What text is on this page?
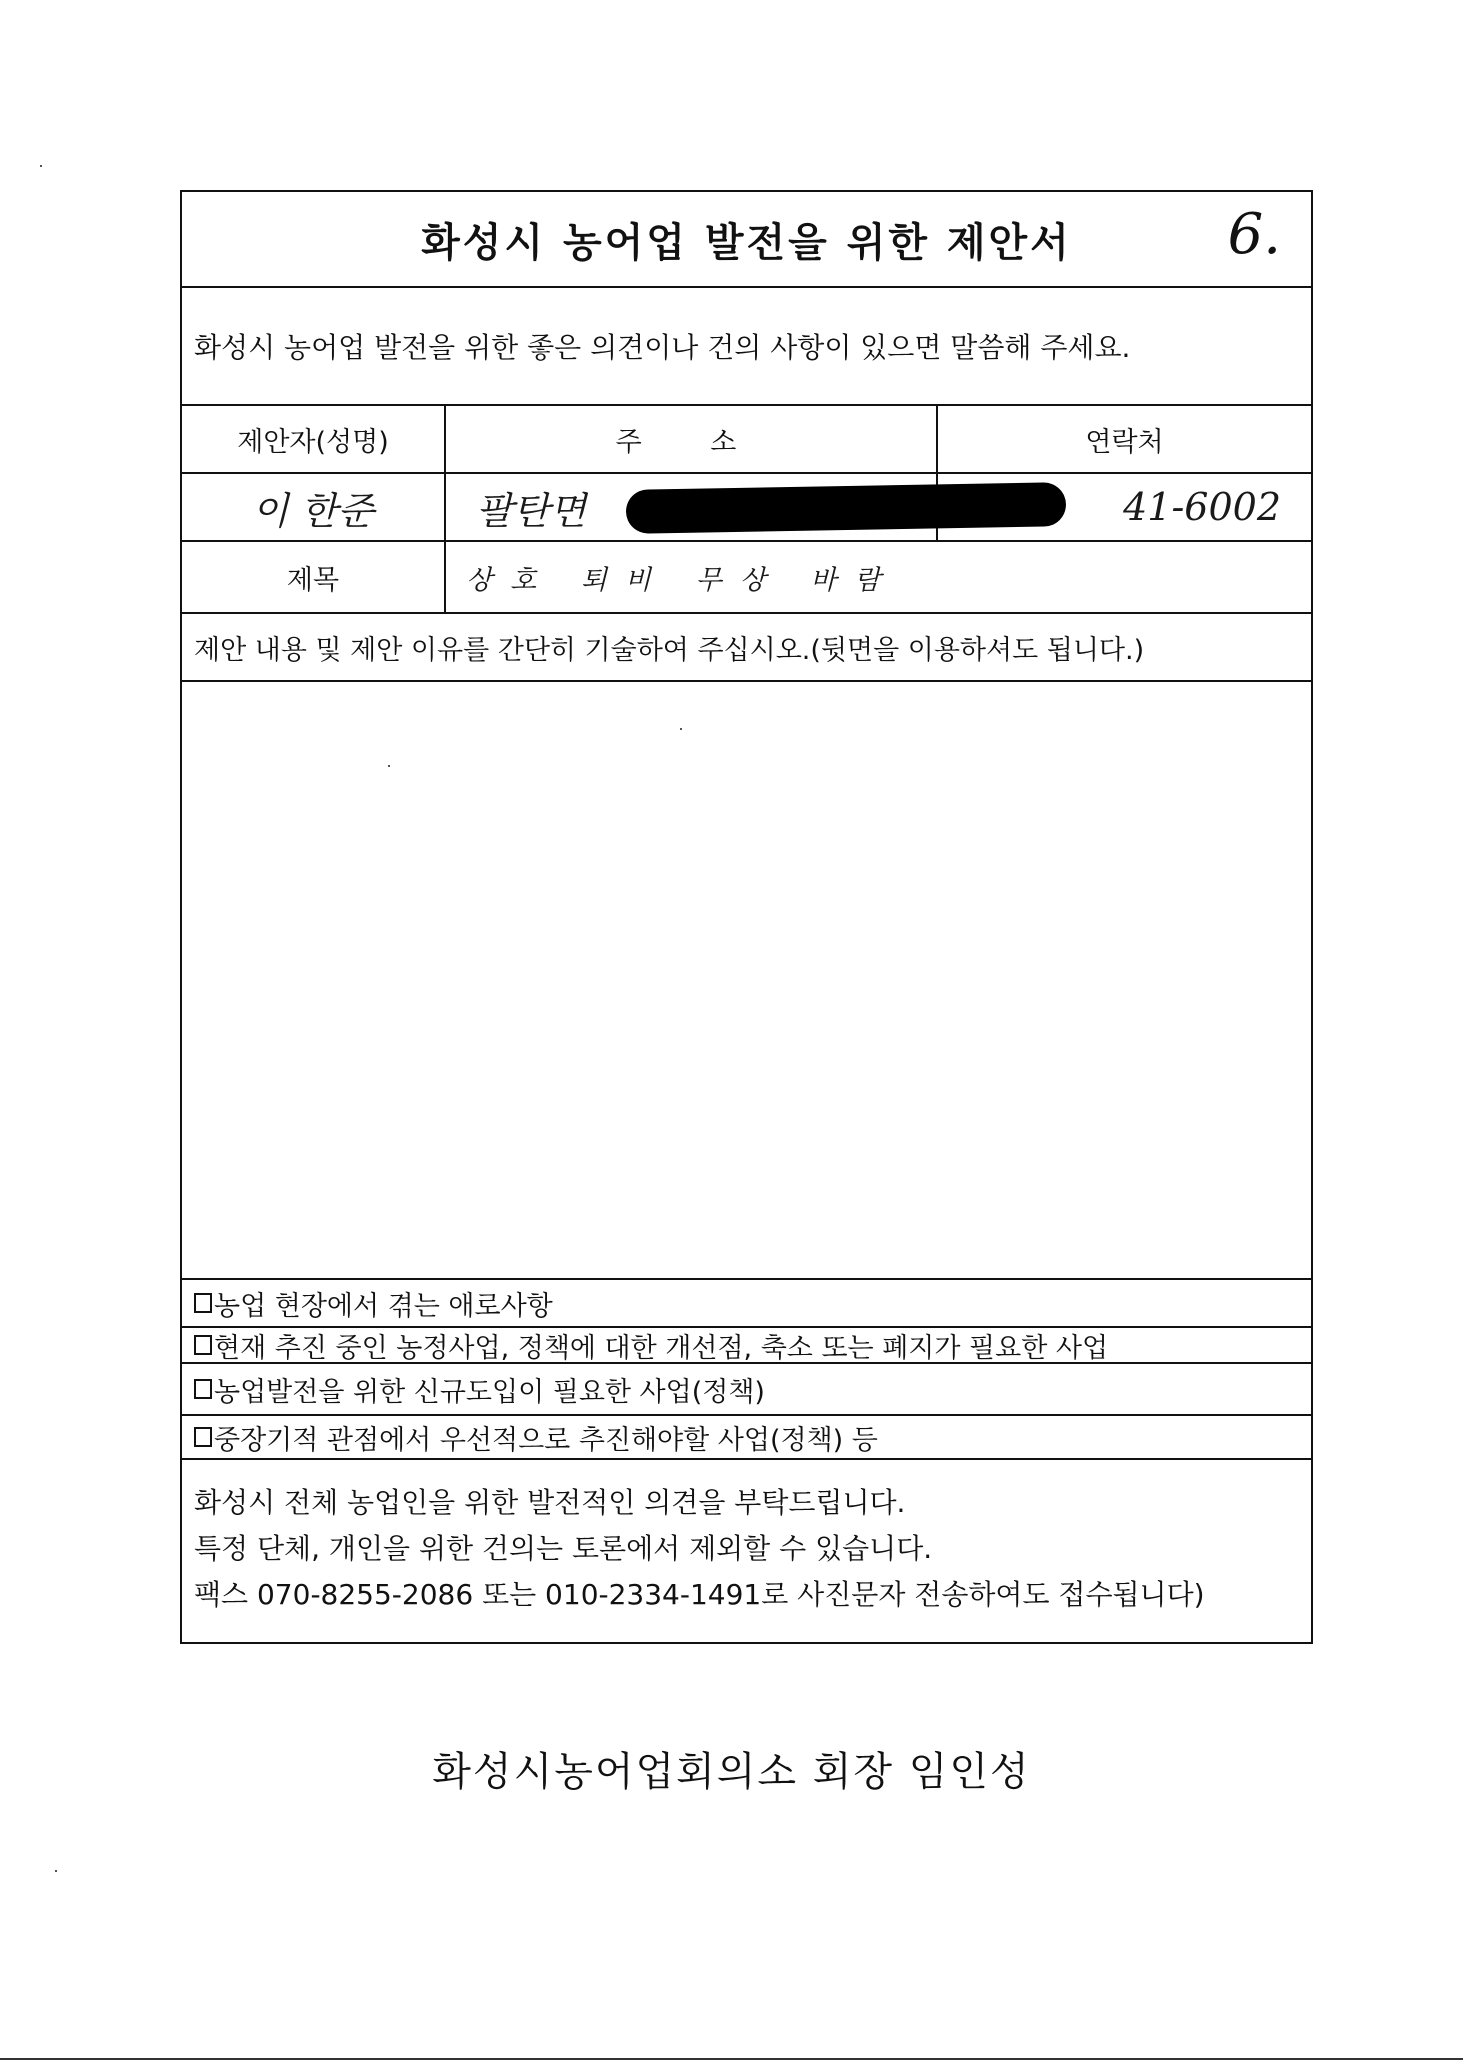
화성시 농어업 발전을 위한 제안서	6.
화성시 농어업 발전을 위한 좋은 의견이나 건의 사항이 있으면 말씀해 주세요.
제안자(성명)	주 소	연락처
이 한준	팔탄면	41-6002
제목	상호 퇴비 무상 바람
제안 내용 및 제안 이유를 간단히 기술하여 주십시오.(뒷면을 이용하셔도 됩니다.)
농업 현장에서 겪는 애로사항
현재 추진 중인 농정사업, 정책에 대한 개선점, 축소 또는 폐지가 필요한 사업
농업발전을 위한 신규도입이 필요한 사업(정책)
중장기적 관점에서 우선적으로 추진해야할 사업(정책) 등
화성시 전체 농업인을 위한 발전적인 의견을 부탁드립니다.
특정 단체, 개인을 위한 건의는 토론에서 제외할 수 있습니다.
팩스 070-8255-2086 또는 010-2334-1491로 사진문자 전송하여도 접수됩니다)
화성시농어업회의소 회장 임인성
